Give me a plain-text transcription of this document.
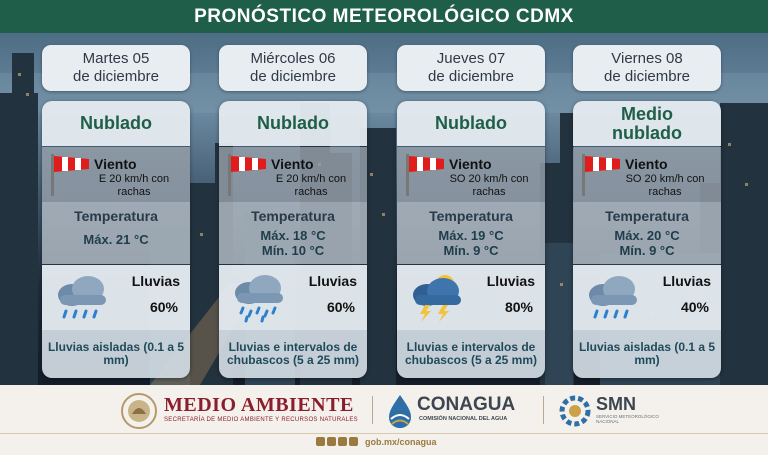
PRONÓSTICO METEOROLÓGICO CDMX
Martes 05
de diciembre
Nublado
Viento
E 20 km/h con rachas
Temperatura
Máx. 21 °C
Lluvias
60%
Lluvias aisladas (0.1 a 5 mm)
Miércoles 06
de diciembre
Nublado
Viento
E 20 km/h con rachas
Temperatura
Máx. 18 °C
Mín. 10 °C
Lluvias
60%
Lluvias e intervalos de chubascos (5 a 25 mm)
Jueves 07
de diciembre
Nublado
Viento
SO 20 km/h con rachas
Temperatura
Máx. 19 °C
Mín. 9 °C
Lluvias
80%
Lluvias e intervalos de chubascos (5 a 25 mm)
Viernes 08
de diciembre
Medio nublado
Viento
SO 20 km/h con rachas
Temperatura
Máx. 20 °C
Mín. 9 °C
Lluvias
40%
Lluvias aisladas (0.1 a 5 mm)
MEDIO AMBIENTE
SECRETARÍA DE MEDIO AMBIENTE Y RECURSOS NATURALES
CONAGUA
COMISIÓN NACIONAL DEL AGUA
SMN
SERVICIO METEOROLÓGICO NACIONAL
gob.mx/conagua
